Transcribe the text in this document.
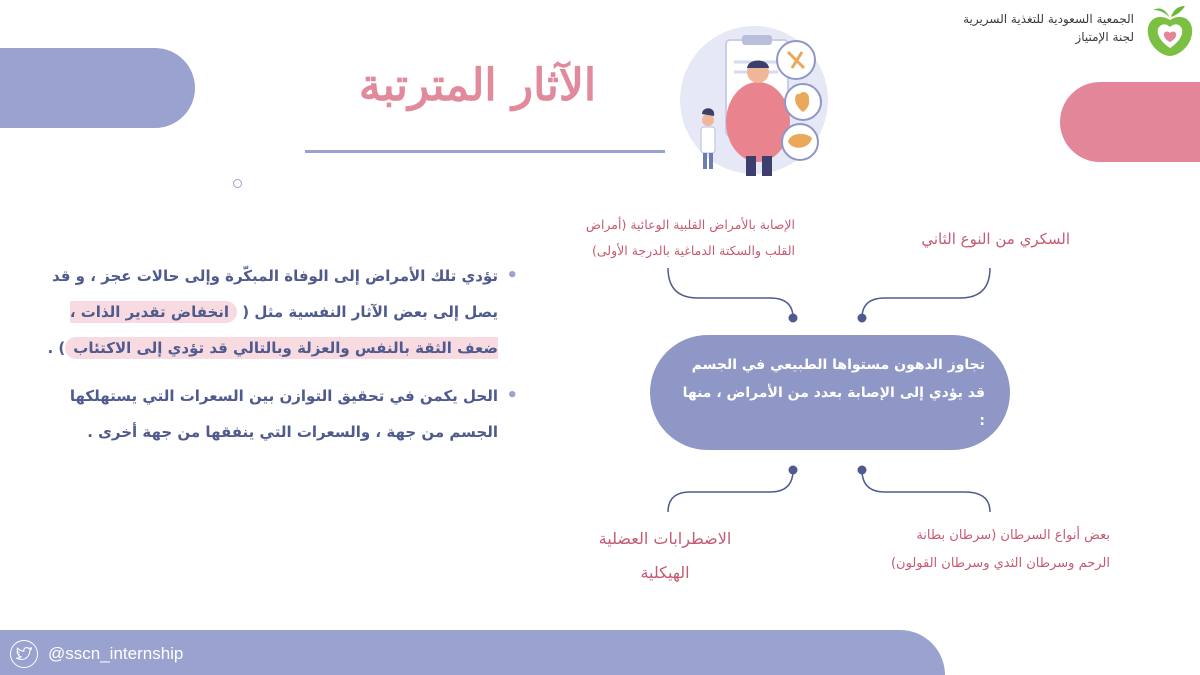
الجمعية السعودية للتغذية السريرية
لجنة الإمتياز
الآثار المترتبة
تجاوز الدهون مستواها الطبيعي في الجسم قد يؤدي إلى الإصابة بعدد من الأمراض ، منها :
الإصابة بالأمراض القلبية الوعائية (أمراض
القلب والسكتة الدماغية بالدرجة الأولى)
السكري من النوع الثاني
الاضطرابات العضلية
الهيكلية
بعض أنواع السرطان (سرطان بطانة
الرحم وسرطان الثدي وسرطان القولون)
• تؤدي تلك الأمراض إلى الوفاة المبكّرة وإلى حالات عجز ، و قد يصل إلى بعض الآثار النفسية مثل ( انخفاض تقدير الذات ، ضعف الثقة بالنفس والعزلة وبالتالي قد تؤدي إلى الاكتئاب) .
• الحل يكمن في تحقيق التوازن بين السعرات التي يستهلكها الجسم من جهة ، والسعرات التي ينفقها من جهة أخرى .
@sscn_internship
